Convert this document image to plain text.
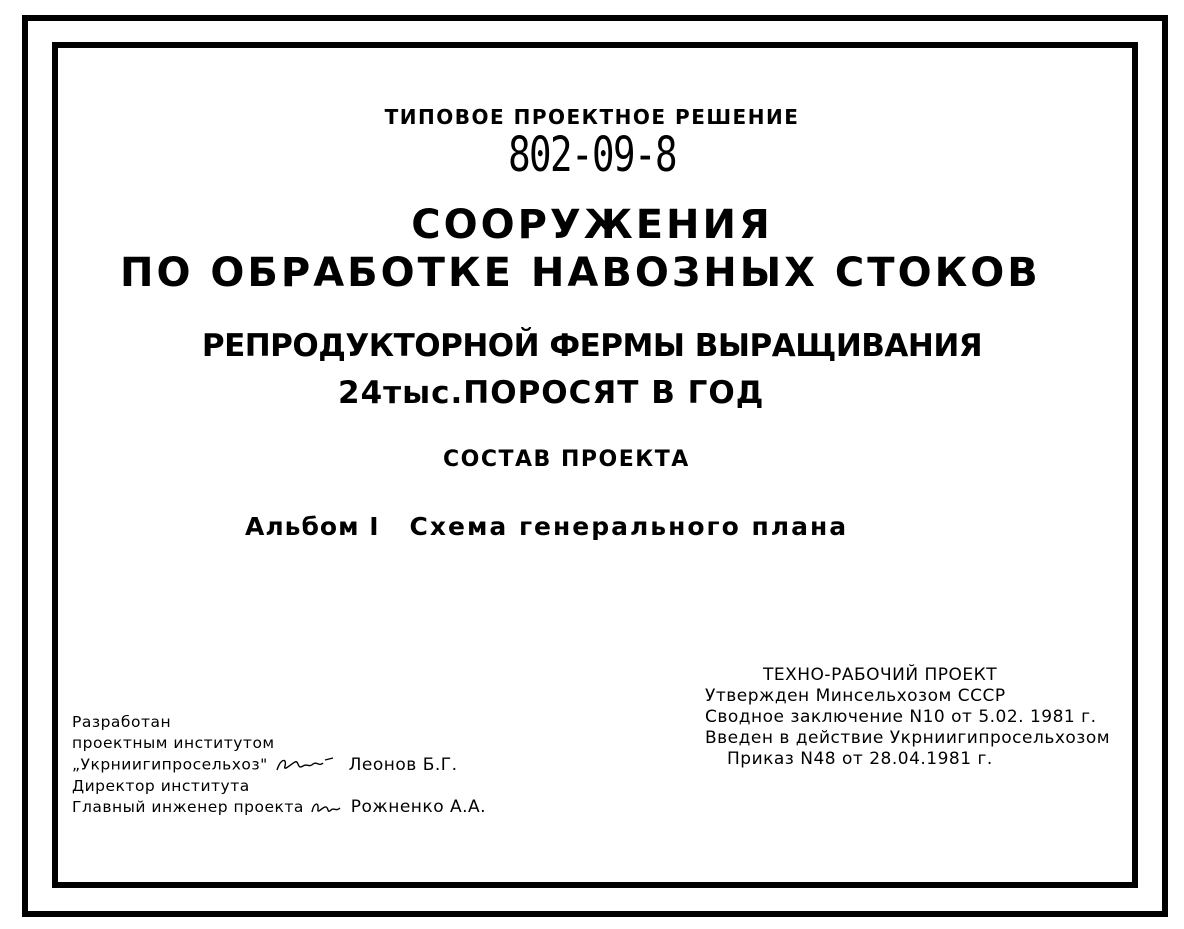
ТИПОВОЕ ПРОЕКТНОЕ РЕШЕНИЕ
802-09-8
СООРУЖЕНИЯ
ПО ОБРАБОТКЕ НАВОЗНЫХ СТОКОВ
РЕПРОДУКТОРНОЙ ФЕРМЫ ВЫРАЩИВАНИЯ
24тыс.ПОРОСЯТ В ГОД
СОСТАВ ПРОЕКТА
Альбом I Схема генерального плана
Разработан
проектным институтом
„Укрниигипросельхоз"	Леонов Б.Г.
Директор института
Главный инженер проекта	Рожненко А.А.
ТЕХНО-РАБОЧИЙ ПРОЕКТ
Утвержден Минсельхозом СССР
Сводное заключение N10 от 5.02. 1981 г.
Введен в действие Укрниигипросельхозом
Приказ N48 от 28.04.1981 г.
